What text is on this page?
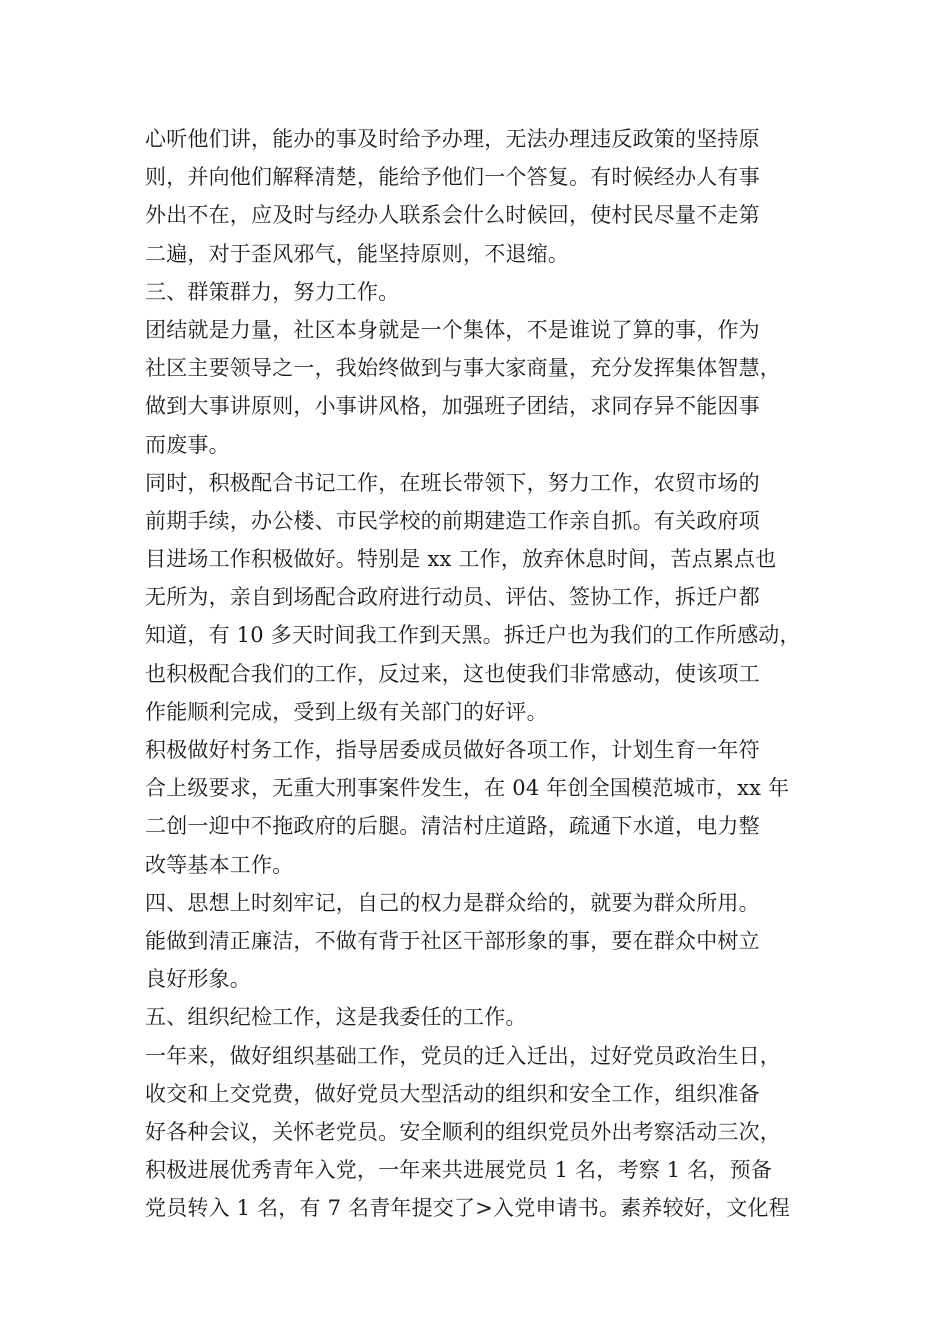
心听他们讲，能办的事及时给予办理，无法办理违反政策的坚持原
则，并向他们解释清楚，能给予他们一个答复。有时候经办人有事
外出不在，应及时与经办人联系会什么时候回，使村民尽量不走第
二遍，对于歪风邪气，能坚持原则，不退缩。
三、群策群力，努力工作。
团结就是力量，社区本身就是一个集体，不是谁说了算的事，作为
社区主要领导之一，我始终做到与事大家商量，充分发挥集体智慧，
做到大事讲原则，小事讲风格，加强班子团结，求同存异不能因事
而废事。
同时，积极配合书记工作，在班长带领下，努力工作，农贸市场的
前期手续，办公楼、市民学校的前期建造工作亲自抓。有关政府项
目进场工作积极做好。特别是 xx 工作，放弃休息时间，苦点累点也
无所为，亲自到场配合政府进行动员、评估、签协工作，拆迁户都
知道，有 10 多天时间我工作到天黑。拆迁户也为我们的工作所感动，
也积极配合我们的工作，反过来，这也使我们非常感动，使该项工
作能顺利完成，受到上级有关部门的好评。
积极做好村务工作，指导居委成员做好各项工作，计划生育一年符
合上级要求，无重大刑事案件发生，在 04 年创全国模范城市，xx 年
二创一迎中不拖政府的后腿。清洁村庄道路，疏通下水道，电力整
改等基本工作。
四、思想上时刻牢记，自己的权力是群众给的，就要为群众所用。
能做到清正廉洁，不做有背于社区干部形象的事，要在群众中树立
良好形象。
五、组织纪检工作，这是我委任的工作。
一年来，做好组织基础工作，党员的迁入迁出，过好党员政治生日，
收交和上交党费，做好党员大型活动的组织和安全工作，组织准备
好各种会议，关怀老党员。安全顺利的组织党员外出考察活动三次，
积极进展优秀青年入党，一年来共进展党员 1 名，考察 1 名，预备
党员转入 1 名，有 7 名青年提交了>入党申请书。素养较好，文化程
